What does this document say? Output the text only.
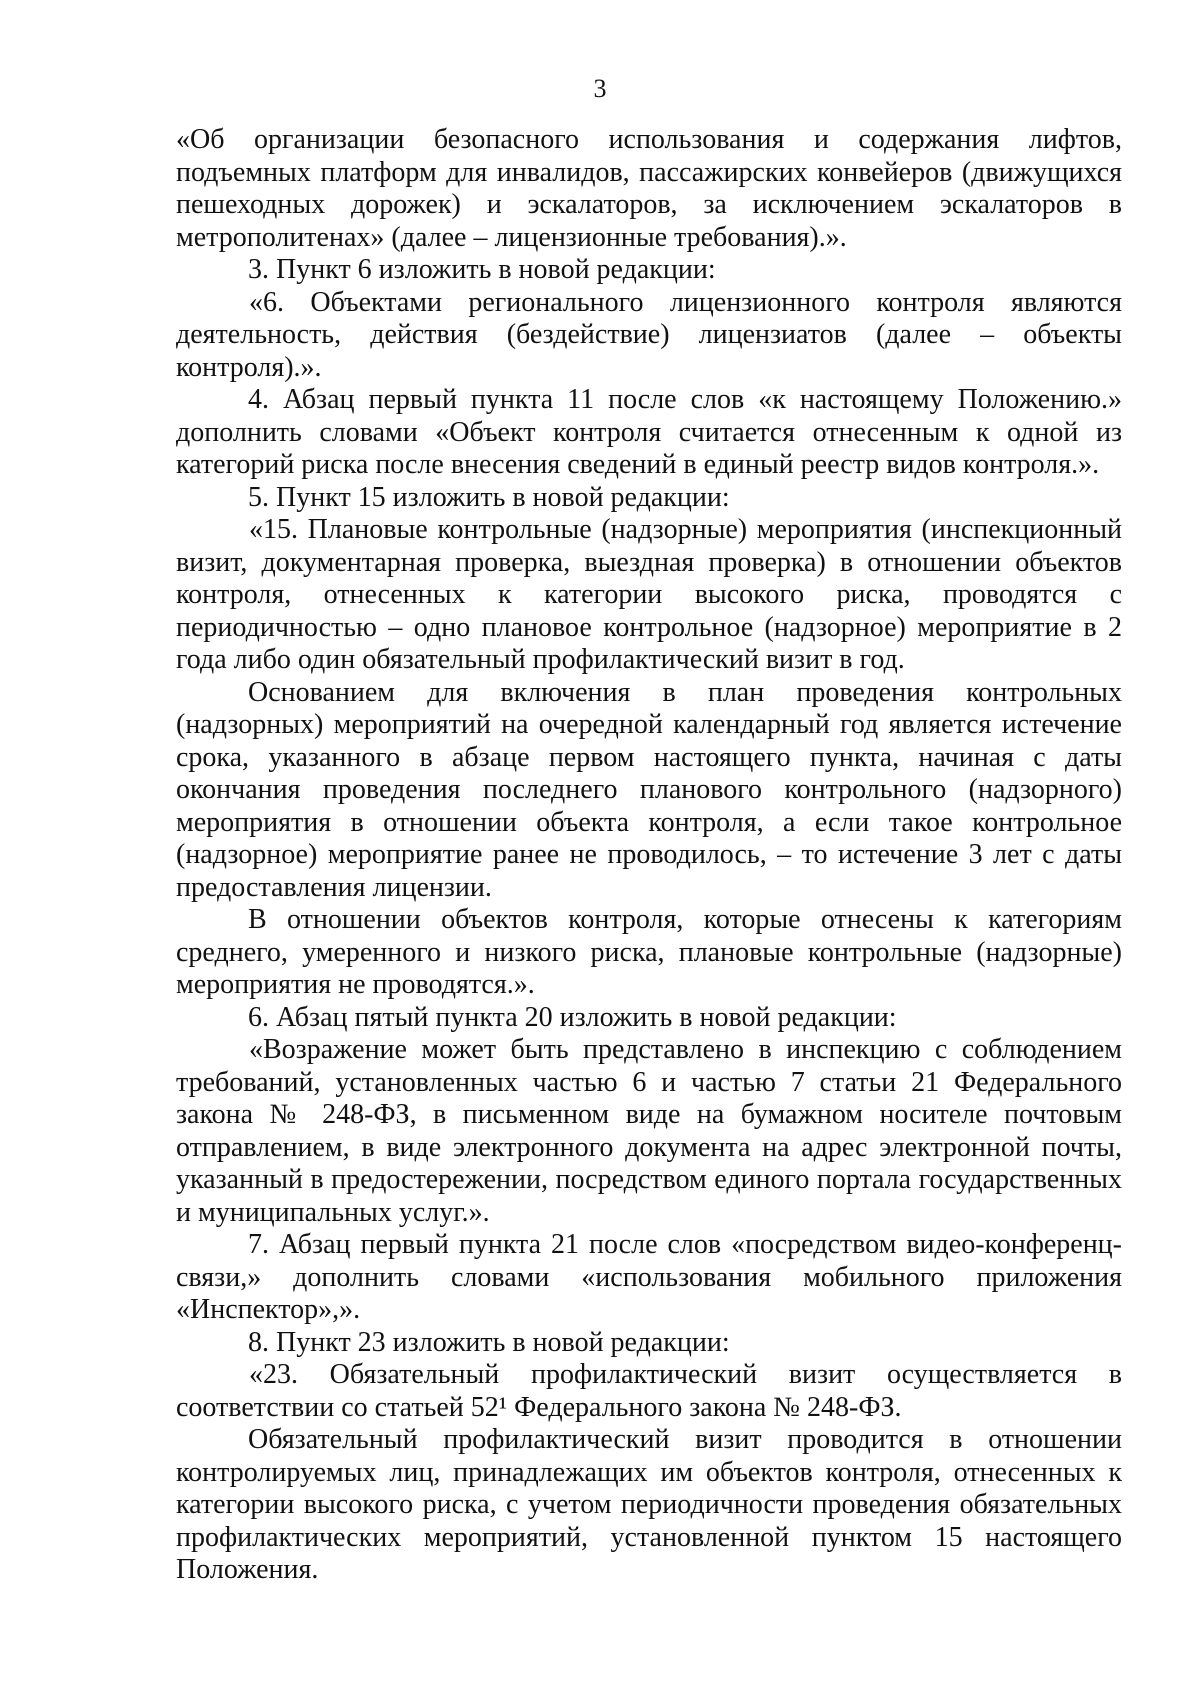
3

«Об организации безопасного использования и содержания лифтов, подъемных платформ для инвалидов, пассажирских конвейеров (движущихся пешеходных дорожек) и эскалаторов, за исключением эскалаторов в метрополитенах» (далее – лицензионные требования).».

3. Пункт 6 изложить в новой редакции:

«6. Объектами регионального лицензионного контроля являются деятельность, действия (бездействие) лицензиатов (далее – объекты контроля).».

4. Абзац первый пункта 11 после слов «к настоящему Положению.» дополнить словами «Объект контроля считается отнесенным к одной из категорий риска после внесения сведений в единый реестр видов контроля.».

5. Пункт 15 изложить в новой редакции:

«15. Плановые контрольные (надзорные) мероприятия (инспекционный визит, документарная проверка, выездная проверка) в отношении объектов контроля, отнесенных к категории высокого риска, проводятся с периодичностью – одно плановое контрольное (надзорное) мероприятие в 2 года либо один обязательный профилактический визит в год.

Основанием для включения в план проведения контрольных (надзорных) мероприятий на очередной календарный год является истечение срока, указанного в абзаце первом настоящего пункта, начиная с даты окончания проведения последнего планового контрольного (надзорного) мероприятия в отношении объекта контроля, а если такое контрольное (надзорное) мероприятие ранее не проводилось, – то истечение 3 лет с даты предоставления лицензии.

В отношении объектов контроля, которые отнесены к категориям среднего, умеренного и низкого риска, плановые контрольные (надзорные) мероприятия не проводятся.».

6. Абзац пятый пункта 20 изложить в новой редакции:

«Возражение может быть представлено в инспекцию с соблюдением требований, установленных частью 6 и частью 7 статьи 21 Федерального закона № 248-ФЗ, в письменном виде на бумажном носителе почтовым отправлением, в виде электронного документа на адрес электронной почты, указанный в предостережении, посредством единого портала государственных и муниципальных услуг.».

7. Абзац первый пункта 21 после слов «посредством видео-конференц-связи,» дополнить словами «использования мобильного приложения «Инспектор»,».

8. Пункт 23 изложить в новой редакции:

«23. Обязательный профилактический визит осуществляется в соответствии со статьей 52¹ Федерального закона № 248-ФЗ.

Обязательный профилактический визит проводится в отношении контролируемых лиц, принадлежащих им объектов контроля, отнесенных к категории высокого риска, с учетом периодичности проведения обязательных профилактических мероприятий, установленной пунктом 15 настоящего Положения.
